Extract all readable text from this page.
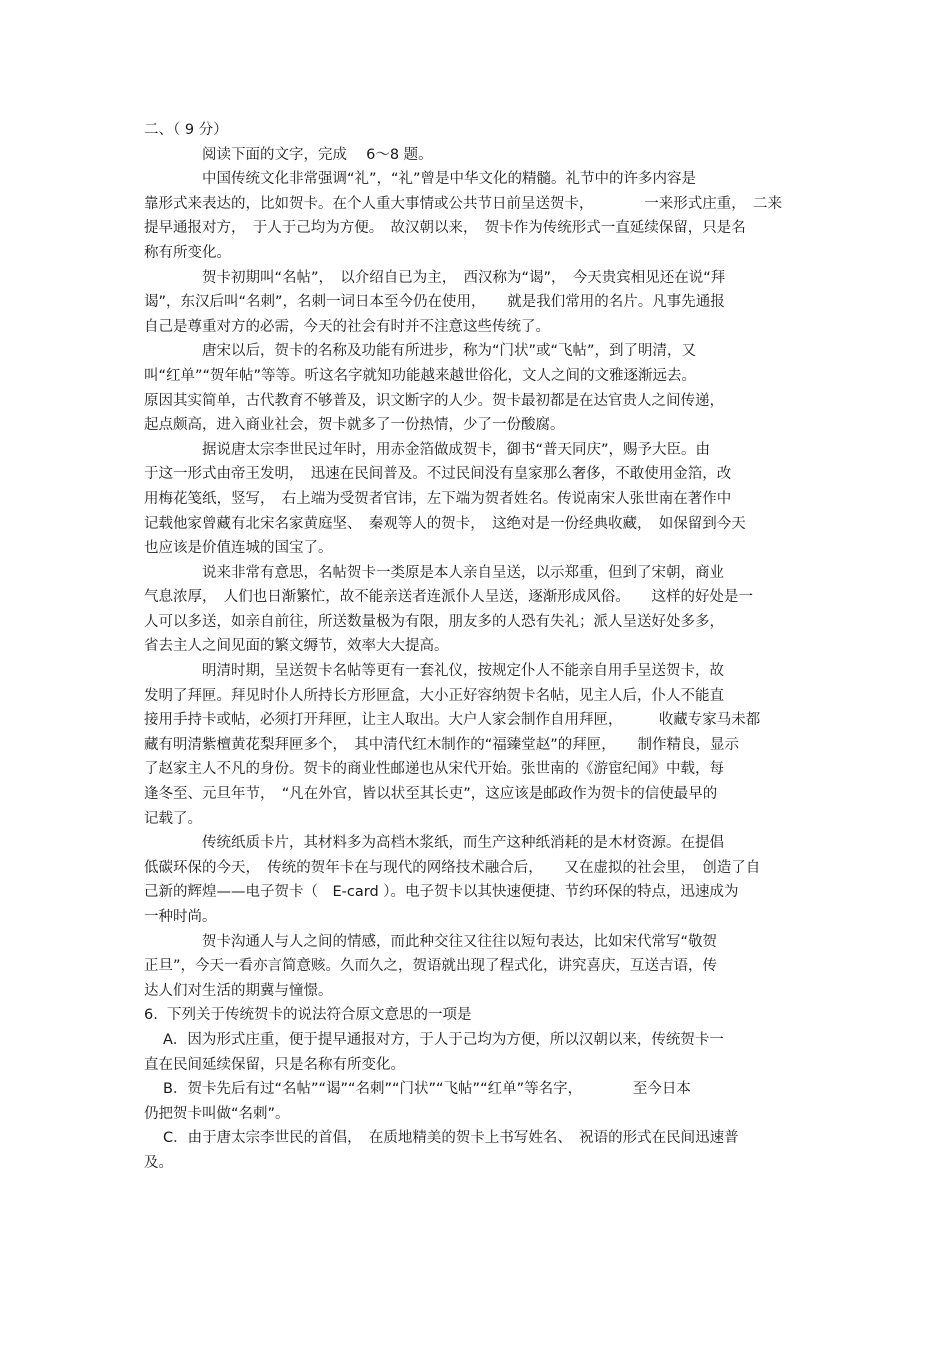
二、（ 9 分）
阅读下面的文字，完成　 6～8 题。
中国传统文化非常强调“礼”，“礼”曾是中华文化的精髓。礼节中的许多内容是
靠形式来表达的，比如贺卡。在个人重大事情或公共节日前呈送贺卡，　　　　一来形式庄重，　二来
提早通报对方，　于人于己均为方便。　故汉朝以来，　贺卡作为传统形式一直延续保留，只是名
称有所变化。
贺卡初期叫“名帖”，　以介绍自已为主，　西汉称为“谒”，　今天贵宾相见还在说“拜
谒”，东汉后叫“名刺”，名刺一词日本至今仍在使用，　　就是我们常用的名片。凡事先通报
自己是尊重对方的必需，今天的社会有时并不注意这些传统了。
唐宋以后，贺卡的名称及功能有所进步，称为“门状”或“飞帖”，到了明清，又
叫“红单”“贺年帖”等等。听这名字就知功能越来越世俗化，文人之间的文雅逐渐远去。
原因其实简单，古代教育不够普及，识文断字的人少。贺卡最初都是在达官贵人之间传递，
起点颇高，进入商业社会，贺卡就多了一份热情，少了一份酸腐。
据说唐太宗李世民过年时，用赤金箔做成贺卡，御书“普天同庆”，赐予大臣。由
于这一形式由帝王发明，　迅速在民间普及。不过民间没有皇家那么奢侈，不敢使用金箔，改
用梅花笺纸，竖写，　右上端为受贺者官讳，左下端为贺者姓名。传说南宋人张世南在著作中
记载他家曾藏有北宋名家黄庭坚、　秦观等人的贺卡，　这绝对是一份经典收藏，　如保留到今天
也应该是价值连城的国宝了。
说来非常有意思，名帖贺卡一类原是本人亲自呈送，以示郑重，但到了宋朝，商业
气息浓厚，　人们也日渐繁忙，故不能亲送者连派仆人呈送，逐渐形成风俗。　　这样的好处是一
人可以多送，如亲自前往，所送数量极为有限，朋友多的人恐有失礼；派人呈送好处多多，
省去主人之间见面的繁文缛节，效率大大提高。
明清时期，呈送贺卡名帖等更有一套礼仪，按规定仆人不能亲自用手呈送贺卡，故
发明了拜匣。拜见时仆人所持长方形匣盒，大小正好容纳贺卡名帖，见主人后，仆人不能直
接用手持卡或帖，必须打开拜匣，让主人取出。大户人家会制作自用拜匣，　　　收藏专家马未都
藏有明清紫檀黄花梨拜匣多个，　其中清代红木制作的“福臻堂赵”的拜匣，　　制作精良，显示
了赵家主人不凡的身份。贺卡的商业性邮递也从宋代开始。张世南的《游宦纪闻》中载，每
逢冬至、元旦年节，　“凡在外官，皆以状至其长吏”，这应该是邮政作为贺卡的信使最早的
记载了。
传统纸质卡片，其材料多为高档木浆纸，而生产这种纸消耗的是木材资源。在提倡
低碳环保的今天，　传统的贺年卡在与现代的网络技术融合后，　　又在虚拟的社会里，　创造了自
己新的辉煌——电子贺卡（　E-card ）。电子贺卡以其快速便捷、节约环保的特点，迅速成为
一种时尚。
贺卡沟通人与人之间的情感，而此种交往又往往以短句表达，比如宋代常写“敬贺
正旦”，今天一看亦言简意赅。久而久之，贺语就出现了程式化，讲究喜庆，互送吉语，传
达人们对生活的期冀与憧憬。
6.  下列关于传统贺卡的说法符合原文意思的一项是
A．因为形式庄重，便于提早通报对方，于人于己均为方便，所以汉朝以来，传统贺卡一
直在民间延续保留，只是名称有所变化。
B．贺卡先后有过“名帖”“谒”“名刺”“门状”“飞帖”“红单”等名字，　　　　至今日本
仍把贺卡叫做“名刺”。
C．由于唐太宗李世民的首倡，　在质地精美的贺卡上书写姓名、　祝语的形式在民间迅速普
及。
